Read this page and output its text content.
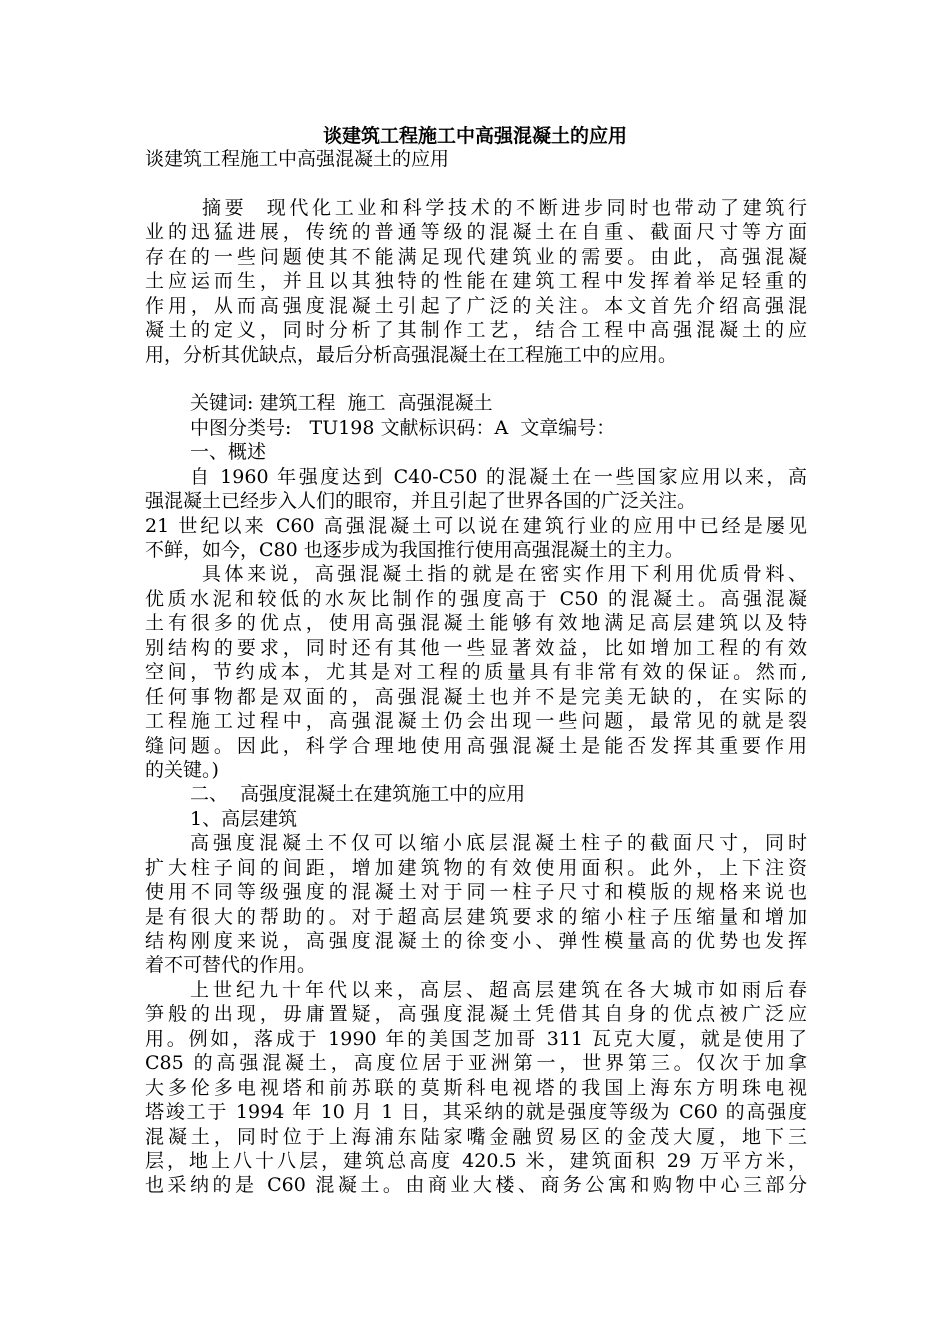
谈建筑工程施工中高强混凝土的应用
谈建筑工程施工中高强混凝土的应用
摘要  现代化工业和科学技术的不断进步同时也带动了建筑行
业的迅猛进展，传统的普通等级的混凝土在自重、截面尺寸等方面
存在的一些问题使其不能满足现代建筑业的需要。由此，高强混凝
土应运而生，并且以其独特的性能在建筑工程中发挥着举足轻重的
作用，从而高强度混凝土引起了广泛的关注。本文首先介绍高强混
凝土的定义，同时分析了其制作工艺，结合工程中高强混凝土的应
用，分析其优缺点，最后分析高强混凝土在工程施工中的应用。
关键词: 建筑工程  施工  高强混凝土
中图分类号:   TU198 文献标识码：A  文章编号：
一、概述
自 1960 年强度达到 C40-C50 的混凝土在一些国家应用以来，高
强混凝土已经步入人们的眼帘，并且引起了世界各国的广泛关注。
21 世纪以来 C60 高强混凝土可以说在建筑行业的应用中已经是屡见
不鲜，如今，C80 也逐步成为我国推行使用高强混凝土的主力。
具体来说，高强混凝土指的就是在密实作用下利用优质骨料、
优质水泥和较低的水灰比制作的强度高于 C50 的混凝土。高强混凝
土有很多的优点，使用高强混凝土能够有效地满足高层建筑以及特
别结构的要求，同时还有其他一些显著效益，比如增加工程的有效
空间，节约成本，尤其是对工程的质量具有非常有效的保证。然而,
任何事物都是双面的，高强混凝土也并不是完美无缺的，在实际的
工程施工过程中，高强混凝土仍会出现一些问题，最常见的就是裂
缝问题。因此，科学合理地使用高强混凝土是能否发挥其重要作用
的关键。)
二、  高强度混凝土在建筑施工中的应用
1、高层建筑
高强度混凝土不仅可以缩小底层混凝土柱子的截面尺寸，同时
扩大柱子间的间距，增加建筑物的有效使用面积。此外，上下注资
使用不同等级强度的混凝土对于同一柱子尺寸和模版的规格来说也
是有很大的帮助的。对于超高层建筑要求的缩小柱子压缩量和增加
结构刚度来说，高强度混凝土的徐变小、弹性模量高的优势也发挥
着不可替代的作用。
上世纪九十年代以来，高层、超高层建筑在各大城市如雨后春
笋般的出现，毋庸置疑，高强度混凝土凭借其自身的优点被广泛应
用。例如，落成于 1990 年的美国芝加哥 311 瓦克大厦，就是使用了
C85 的高强混凝土，高度位居于亚洲第一，世界第三。仅次于加拿
大多伦多电视塔和前苏联的莫斯科电视塔的我国上海东方明珠电视
塔竣工于 1994 年 10 月 1 日，其采纳的就是强度等级为 C60 的高强度
混凝土，同时位于上海浦东陆家嘴金融贸易区的金茂大厦，地下三
层，地上八十八层，建筑总高度 420.5 米，建筑面积 29 万平方米，
也采纳的是 C60 混凝土。由商业大楼、商务公寓和购物中心三部分
